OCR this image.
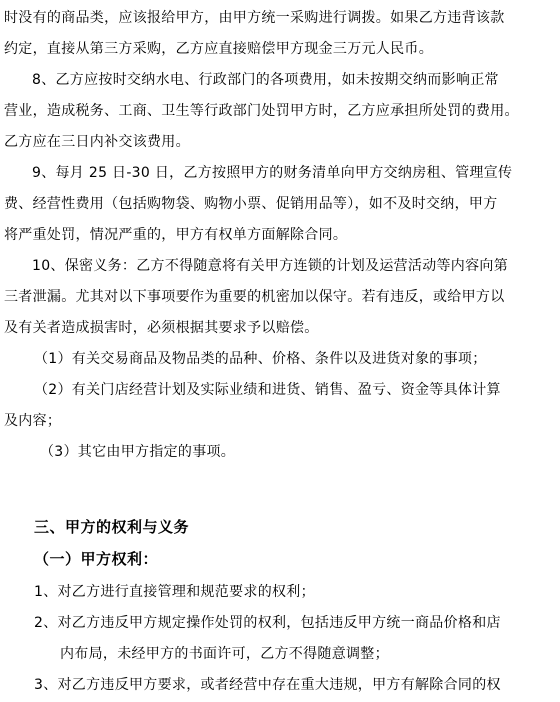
时没有的商品类，应该报给甲方，由甲方统一采购进行调拨。如果乙方违背该款
约定，直接从第三方采购，乙方应直接赔偿甲方现金三万元人民币。
8、乙方应按时交纳水电、行政部门的各项费用，如未按期交纳而影响正常
营业，造成税务、工商、卫生等行政部门处罚甲方时，乙方应承担所处罚的费用。
乙方应在三日内补交该费用。
9、每月 25 日-30 日，乙方按照甲方的财务清单向甲方交纳房租、管理宣传
费、经营性费用（包括购物袋、购物小票、促销用品等），如不及时交纳，甲方
将严重处罚，情况严重的，甲方有权单方面解除合同。
10、保密义务：乙方不得随意将有关甲方连锁的计划及运营活动等内容向第
三者泄漏。尤其对以下事项要作为重要的机密加以保守。若有违反，或给甲方以
及有关者造成损害时，必须根据其要求予以赔偿。
（1）有关交易商品及物品类的品种、价格、条件以及进货对象的事项；
（2）有关门店经营计划及实际业绩和进货、销售、盈亏、资金等具体计算
及内容；
（3）其它由甲方指定的事项。
三、甲方的权利与义务
（一）甲方权利：
1、对乙方进行直接管理和规范要求的权利；
2、对乙方违反甲方规定操作处罚的权利，包括违反甲方统一商品价格和店
内布局，未经甲方的书面许可，乙方不得随意调整；
3、对乙方违反甲方要求，或者经营中存在重大违规，甲方有解除合同的权
